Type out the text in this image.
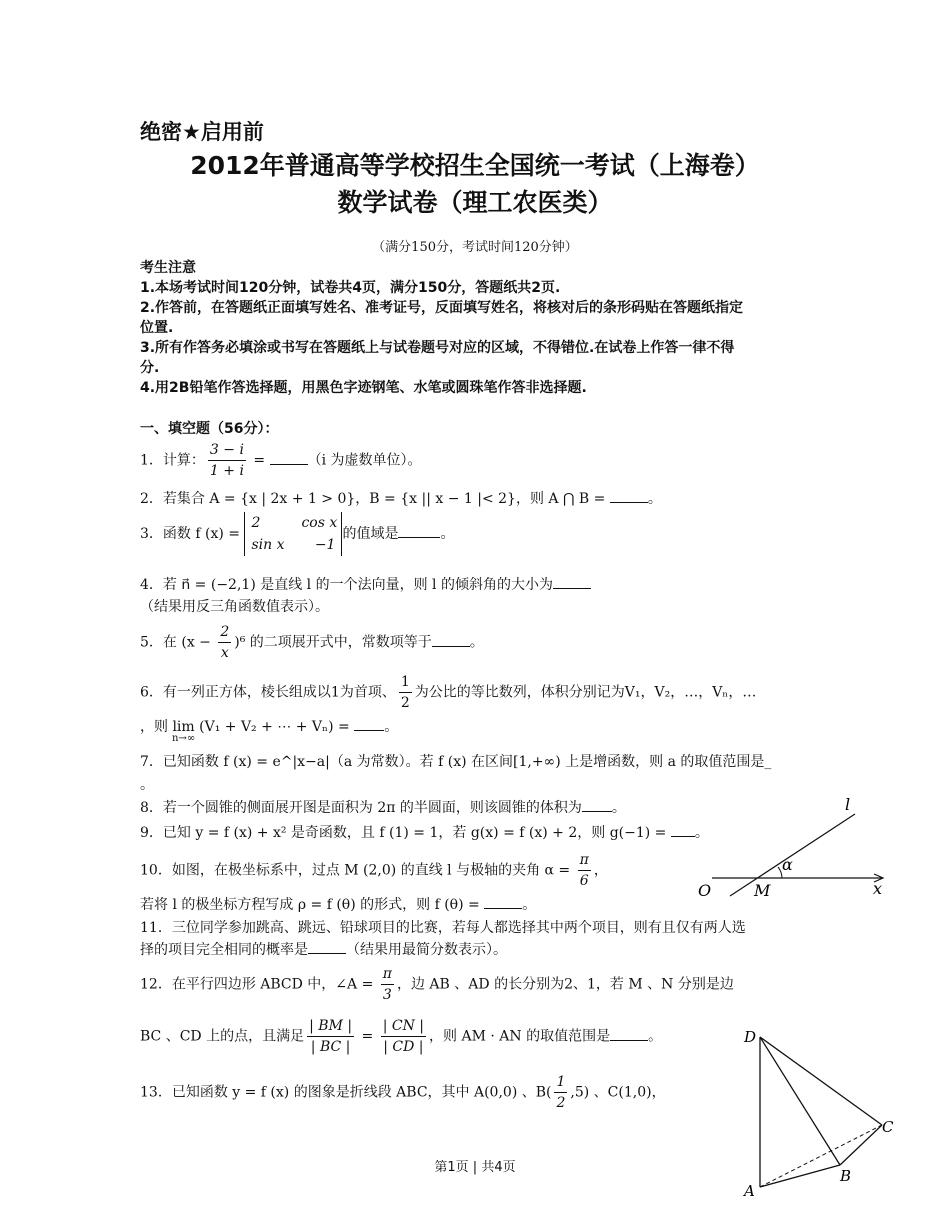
绝密★启用前
2012年普通高等学校招生全国统一考试（上海卷）
数学试卷（理工农医类）
（满分150分，考试时间120分钟）
考生注意
1.本场考试时间120分钟，试卷共4页，满分150分，答题纸共2页.
2.作答前，在答题纸正面填写姓名、准考证号，反面填写姓名，将核对后的条形码贴在答题纸指定
位置.
3.所有作答务必填涂或书写在答题纸上与试卷题号对应的区域，不得错位.在试卷上作答一律不得
分.
4.用2B铅笔作答选择题，用黑色字迹钢笔、水笔或圆珠笔作答非选择题.
一、填空题（56分）：
1．计算： $\frac{3 - i}{1 + i}$ =	（i 为虚数单位）。
2．若集合 A = {x | 2x + 1 > 0}，B = {x || x − 1 |< 2}，则 A ⋂ B =	。
3．函数 f (x) =
2	cos x
sin x −1
的值域是	。
4．若 n⃗ = (−2,1) 是直线 l 的一个法向量，则 l 的倾斜角的大小为
（结果用反三角函数值表示）。
5．在 $(x - \frac{2}{x} )^6$ 的二项展开式中，常数项等于	。
6．有一列正方体，棱长组成以1为首项、 $\frac{1}{2}$ 为公比的等比数列，体积分别记为V₁，V₂，…，Vₙ，…
，则 lim (V₁ + V₂ + ⋯ + Vₙ) = 。
n→∞
7．已知函数 f (x) = e^|x−a|（a 为常数）。若 f (x) 在区间[1,+∞) 上是增函数，则 a 的取值范围是_
。
8．若一个圆锥的侧面展开图是面积为 2π 的半圆面，则该圆锥的体积为 。
9．已知 y = f (x) + x² 是奇函数，且 f (1) = 1，若 g(x) = f (x) + 2，则 g(−1) = 。
10．如图，在极坐标系中，过点 M (2,0) 的直线 l 与极轴的夹角 $\alpha = \frac{\pi}{6}$ ，
若将 l 的极坐标方程写成 ρ = f (θ) 的形式，则 f (θ) =	。
11．三位同学参加跳高、跳远、铅球项目的比赛，若每人都选择其中两个项目，则有且仅有两人选
择的项目完全相同的概率是	（结果用最简分数表示）。
12．在平行四边形 ABCD 中，∠A = $\frac{\pi}{3}$ ，边 AB 、AD 的长分别为2、1，若 M 、N 分别是边
BC 、CD 上的点，且满足 $\frac{| BM |}{| BC |} = \frac{| CN |}{| CD |}$ ，则 AM · AN 的取值范围是	。
13．已知函数 y = f (x) 的图象是折线段 ABC，其中 A(0,0) 、$B( \frac{1}{2} ,5)$ 、C(1,0)，
l
α
O	M	x
D
C
B
A
第1页 | 共4页
